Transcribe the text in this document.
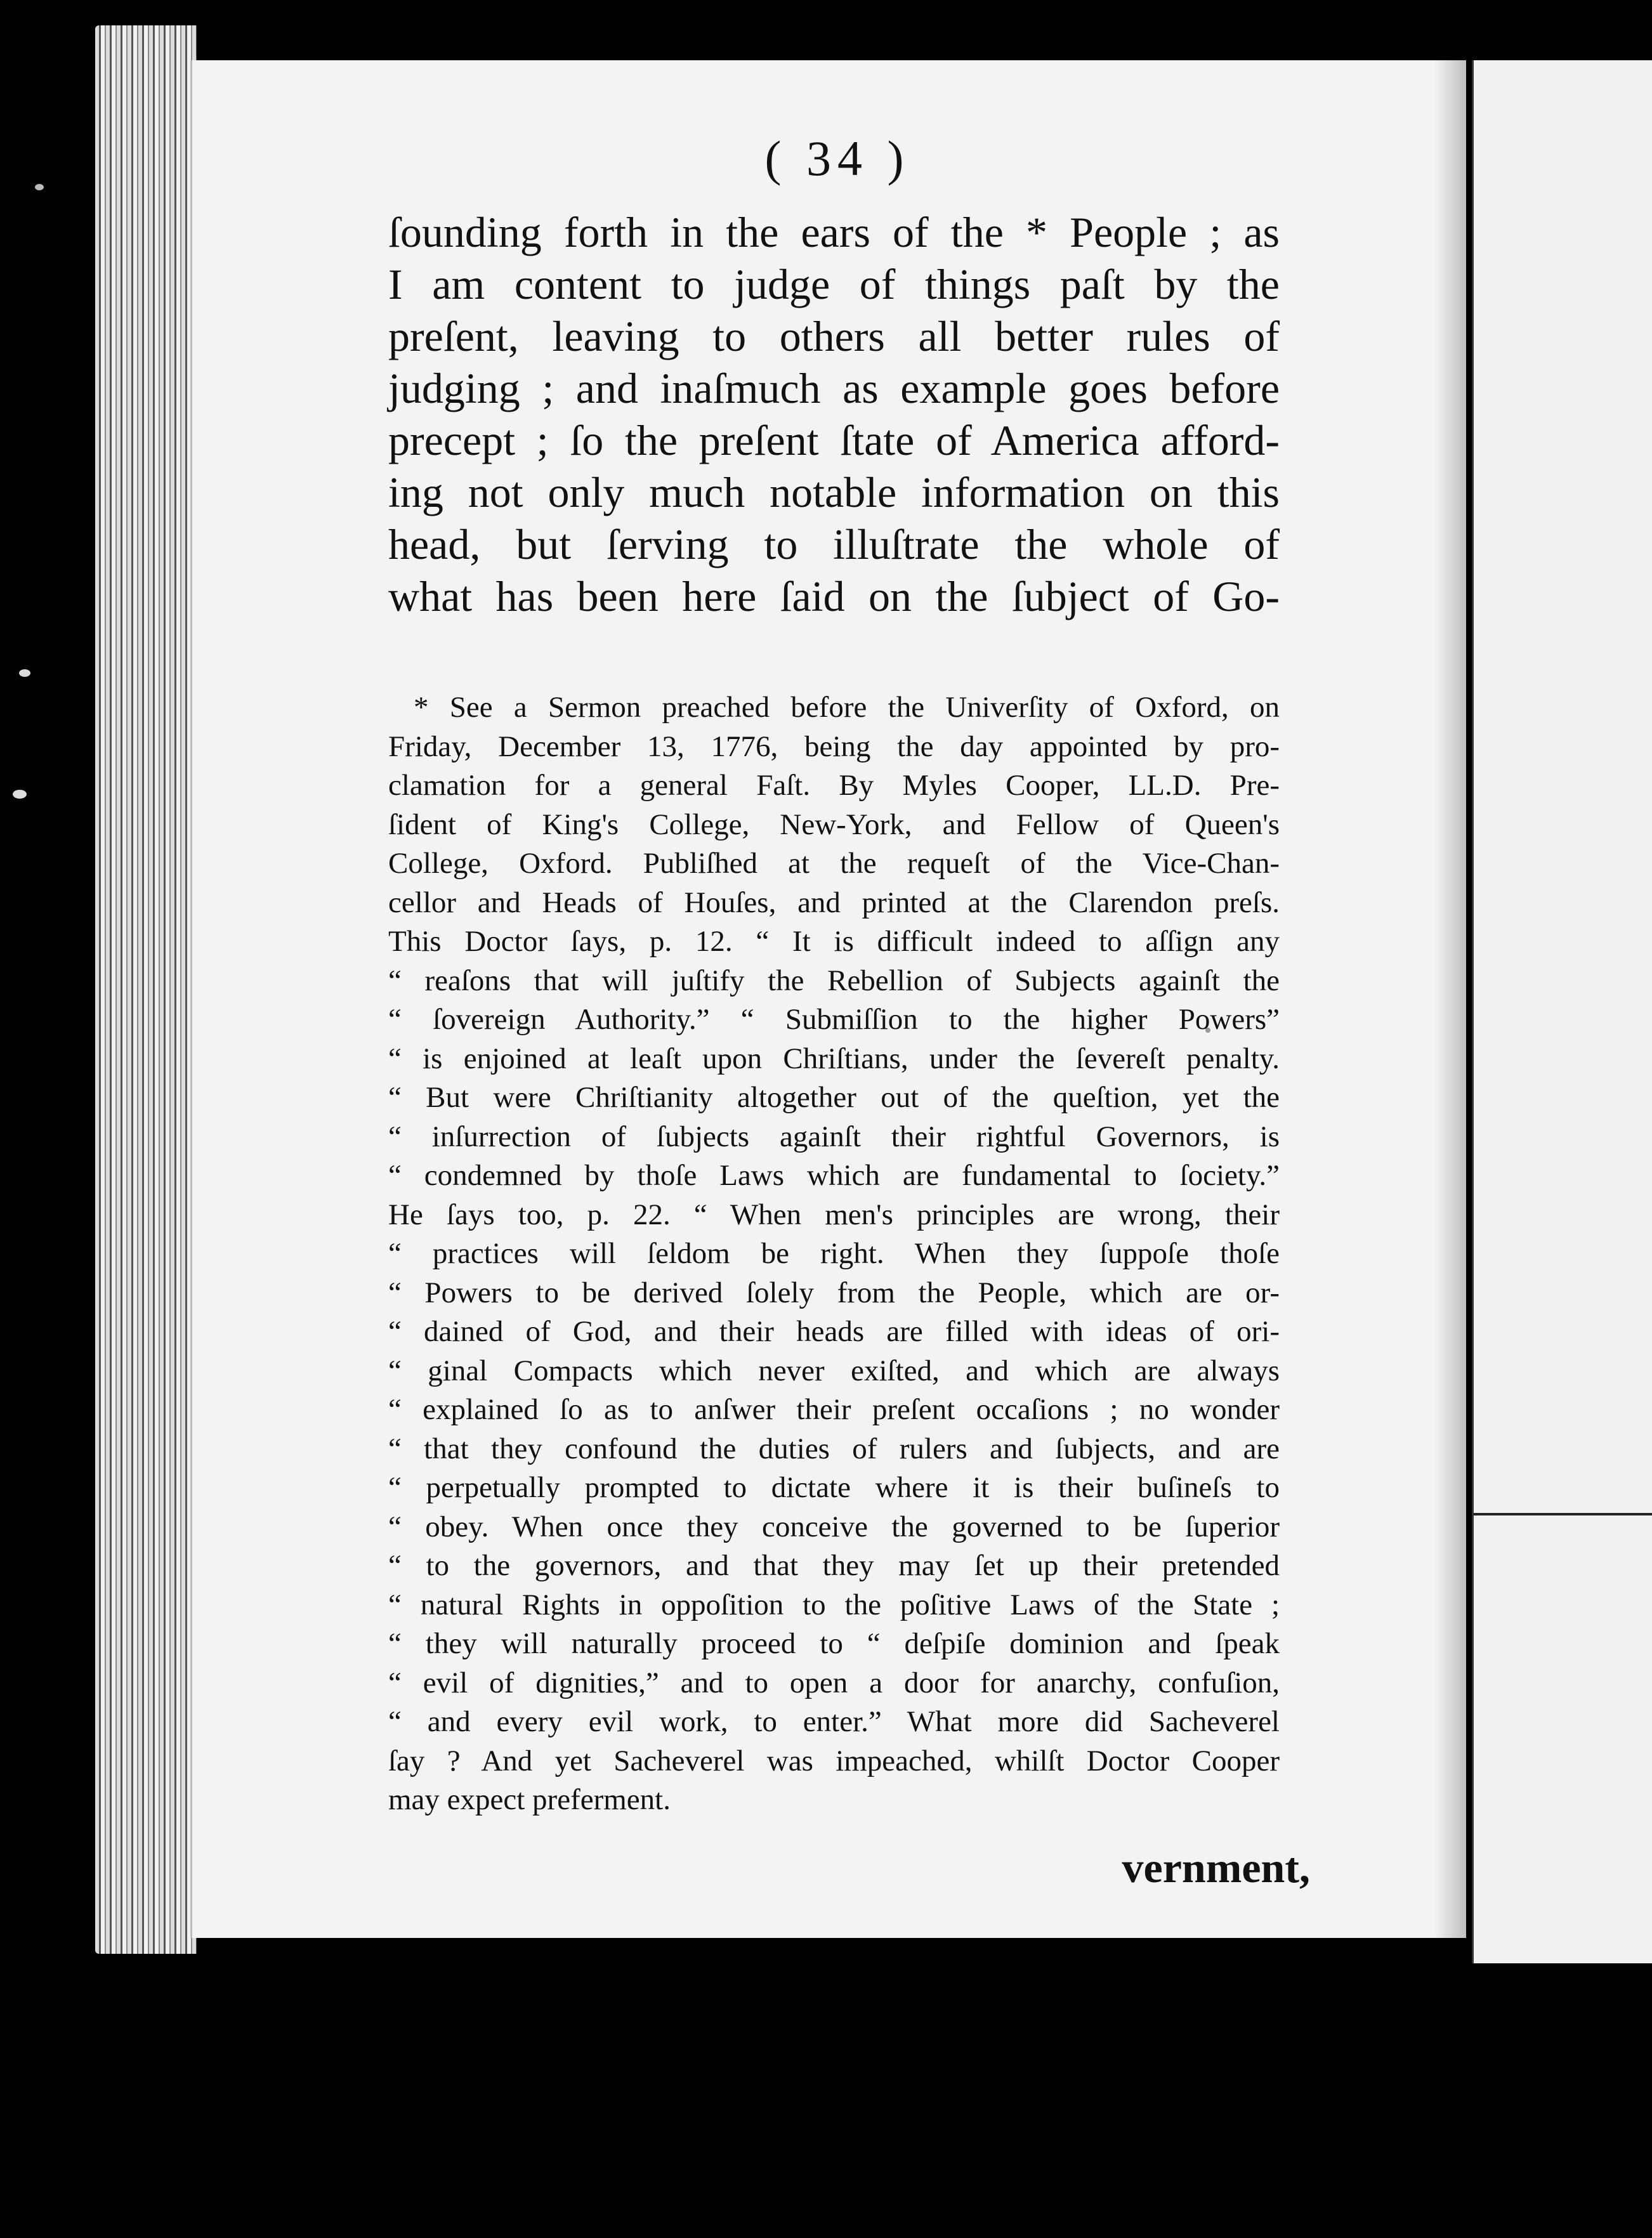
( 34 )
ſounding forth in the ears of the * People ; as
I am content to judge of things paſt by the
preſent, leaving to others all better rules of
judging ; and inaſmuch as example goes before
precept ; ſo the preſent ſtate of America afford-
ing not only much notable information on this
head, but ſerving to illuſtrate the whole of
what has been here ſaid on the ſubject of Go-
* See a Sermon preached before the Univerſity of Oxford, on
Friday, December 13, 1776, being the day appointed by pro-
clamation for a general Faſt. By Myles Cooper, LL.D. Pre-
ſident of King's College, New-York, and Fellow of Queen's
College, Oxford. Publiſhed at the requeſt of the Vice-Chan-
cellor and Heads of Houſes, and printed at the Clarendon preſs.
This Doctor ſays, p. 12. “ It is difficult indeed to aſſign any
“ reaſons that will juſtify the Rebellion of Subjects againſt the
“ ſovereign Authority.” “ Submiſſion to the higher Powers”
“ is enjoined at leaſt upon Chriſtians, under the ſevereſt penalty.
“ But were Chriſtianity altogether out of the queſtion, yet the
“ inſurrection of ſubjects againſt their rightful Governors, is
“ condemned by thoſe Laws which are fundamental to ſociety.”
He ſays too, p. 22. “ When men's principles are wrong, their
“ practices will ſeldom be right. When they ſuppoſe thoſe
“ Powers to be derived ſolely from the People, which are or-
“ dained of God, and their heads are filled with ideas of ori-
“ ginal Compacts which never exiſted, and which are always
“ explained ſo as to anſwer their preſent occaſions ; no wonder
“ that they confound the duties of rulers and ſubjects, and are
“ perpetually prompted to dictate where it is their buſineſs to
“ obey. When once they conceive the governed to be ſuperior
“ to the governors, and that they may ſet up their pretended
“ natural Rights in oppoſition to the poſitive Laws of the State ;
“ they will naturally proceed to “ deſpiſe dominion and ſpeak
“ evil of dignities,” and to open a door for anarchy, confuſion,
“ and every evil work, to enter.” What more did Sacheverel
ſay ? And yet Sacheverel was impeached, whilſt Doctor Cooper
may expect preferment.
vernment,
